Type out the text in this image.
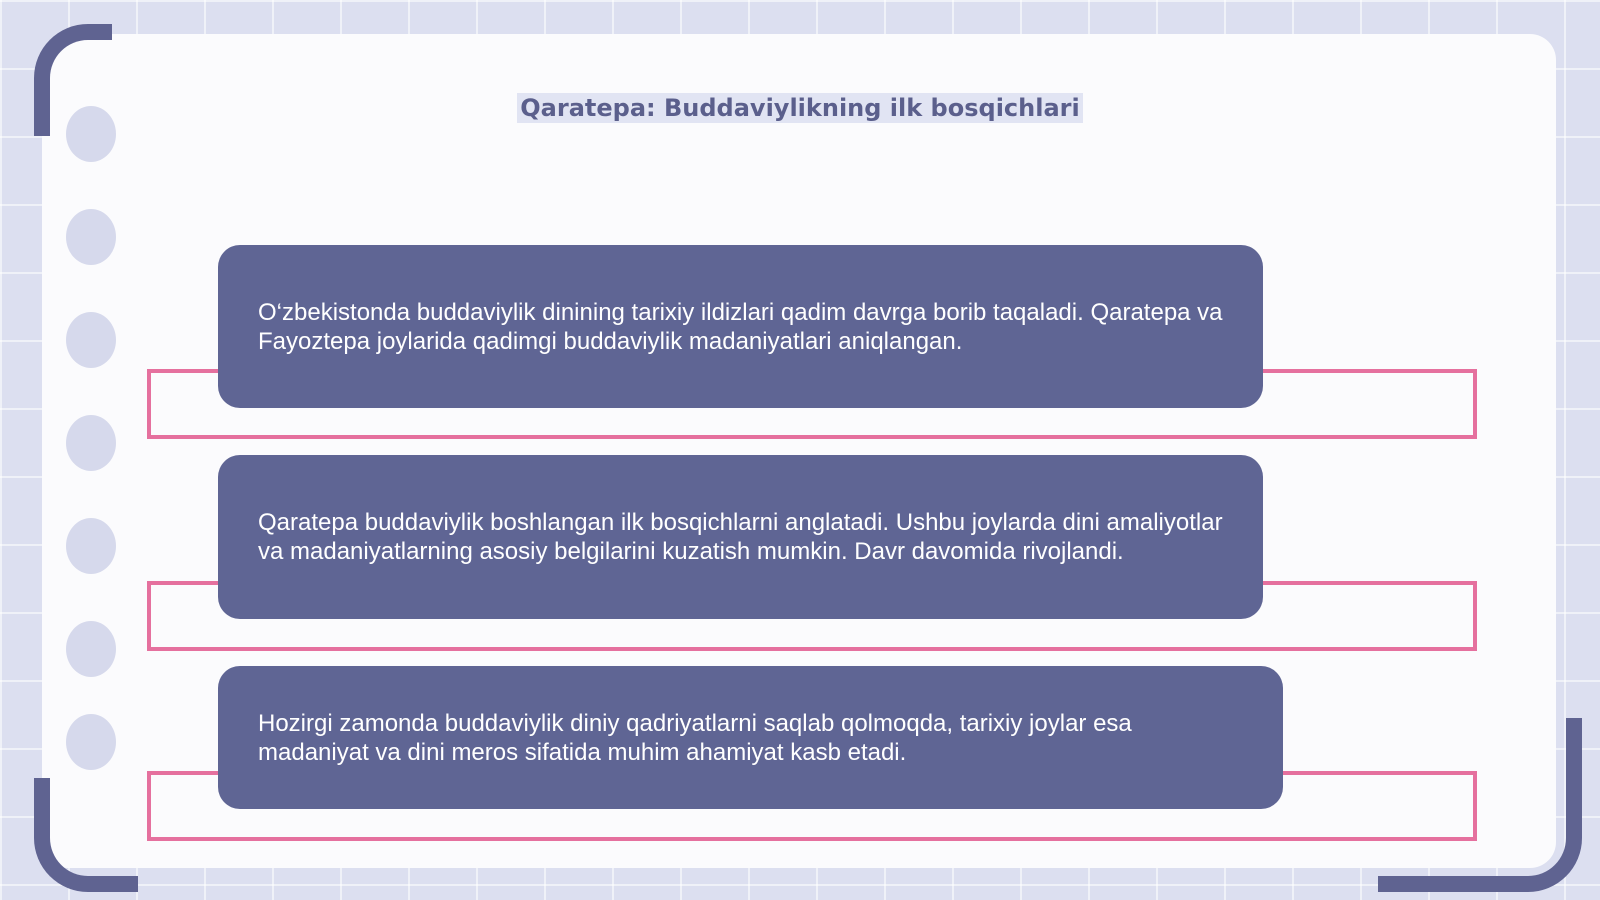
Qaratepa: Buddaviylikning ilk bosqichlari
O‘zbekistonda buddaviylik dinining tarixiy ildizlari qadim davrga borib taqaladi. Qaratepa va Fayoztepa joylarida qadimgi buddaviylik madaniyatlari aniqlangan.
Qaratepa buddaviylik boshlangan ilk bosqichlarni anglatadi. Ushbu joylarda dini amaliyotlar va madaniyatlarning asosiy belgilarini kuzatish mumkin. Davr davomida rivojlandi.
Hozirgi zamonda buddaviylik diniy qadriyatlarni saqlab qolmoqda, tarixiy joylar esa madaniyat va dini meros sifatida muhim ahamiyat kasb etadi.
